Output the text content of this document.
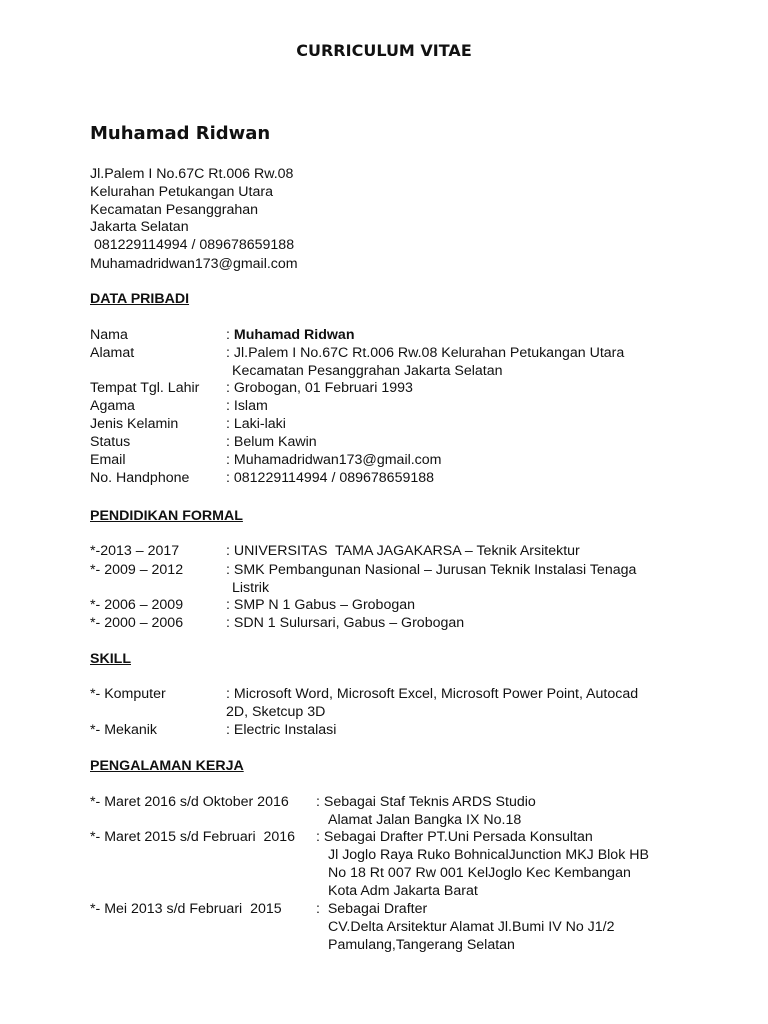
CURRICULUM VITAE
Muhamad Ridwan
Jl.Palem I No.67C Rt.006 Rw.08
Kelurahan Petukangan Utara
Kecamatan Pesanggrahan
Jakarta Selatan
081229114994 / 089678659188
Muhamadridwan173@gmail.com
DATA PRIBADI
Nama	: Muhamad Ridwan
Alamat	: Jl.Palem I No.67C Rt.006 Rw.08 Kelurahan Petukangan Utara
Kecamatan Pesanggrahan Jakarta Selatan
Tempat Tgl. Lahir : Grobogan, 01 Februari 1993
Agama	: Islam
Jenis Kelamin	: Laki-laki
Status	: Belum Kawin
Email	: Muhamadridwan173@gmail.com
No. Handphone	: 081229114994 / 089678659188
PENDIDIKAN FORMAL
*-2013 – 2017	: UNIVERSITAS  TAMA JAGAKARSA – Teknik Arsitektur
*- 2009 – 2012	: SMK Pembangunan Nasional – Jurusan Teknik Instalasi Tenaga
Listrik
*- 2006 – 2009	: SMP N 1 Gabus – Grobogan
*- 2000 – 2006	: SDN 1 Sulursari, Gabus – Grobogan
SKILL
*- Komputer	: Microsoft Word, Microsoft Excel, Microsoft Power Point, Autocad
2D, Sketcup 3D
*- Mekanik	: Electric Instalasi
PENGALAMAN KERJA
*- Maret 2016 s/d Oktober 2016 : Sebagai Staf Teknis ARDS Studio
Alamat Jalan Bangka IX No.18
*- Maret 2015 s/d Februari  2016 : Sebagai Drafter PT.Uni Persada Konsultan
Jl Joglo Raya Ruko BohnicalJunction MKJ Blok HB
No 18 Rt 007 Rw 001 KelJoglo Kec Kembangan
Kota Adm Jakarta Barat
*- Mei 2013 s/d Februari  2015 :  Sebagai Drafter
CV.Delta Arsitektur Alamat Jl.Bumi IV No J1/2
Pamulang,Tangerang Selatan
